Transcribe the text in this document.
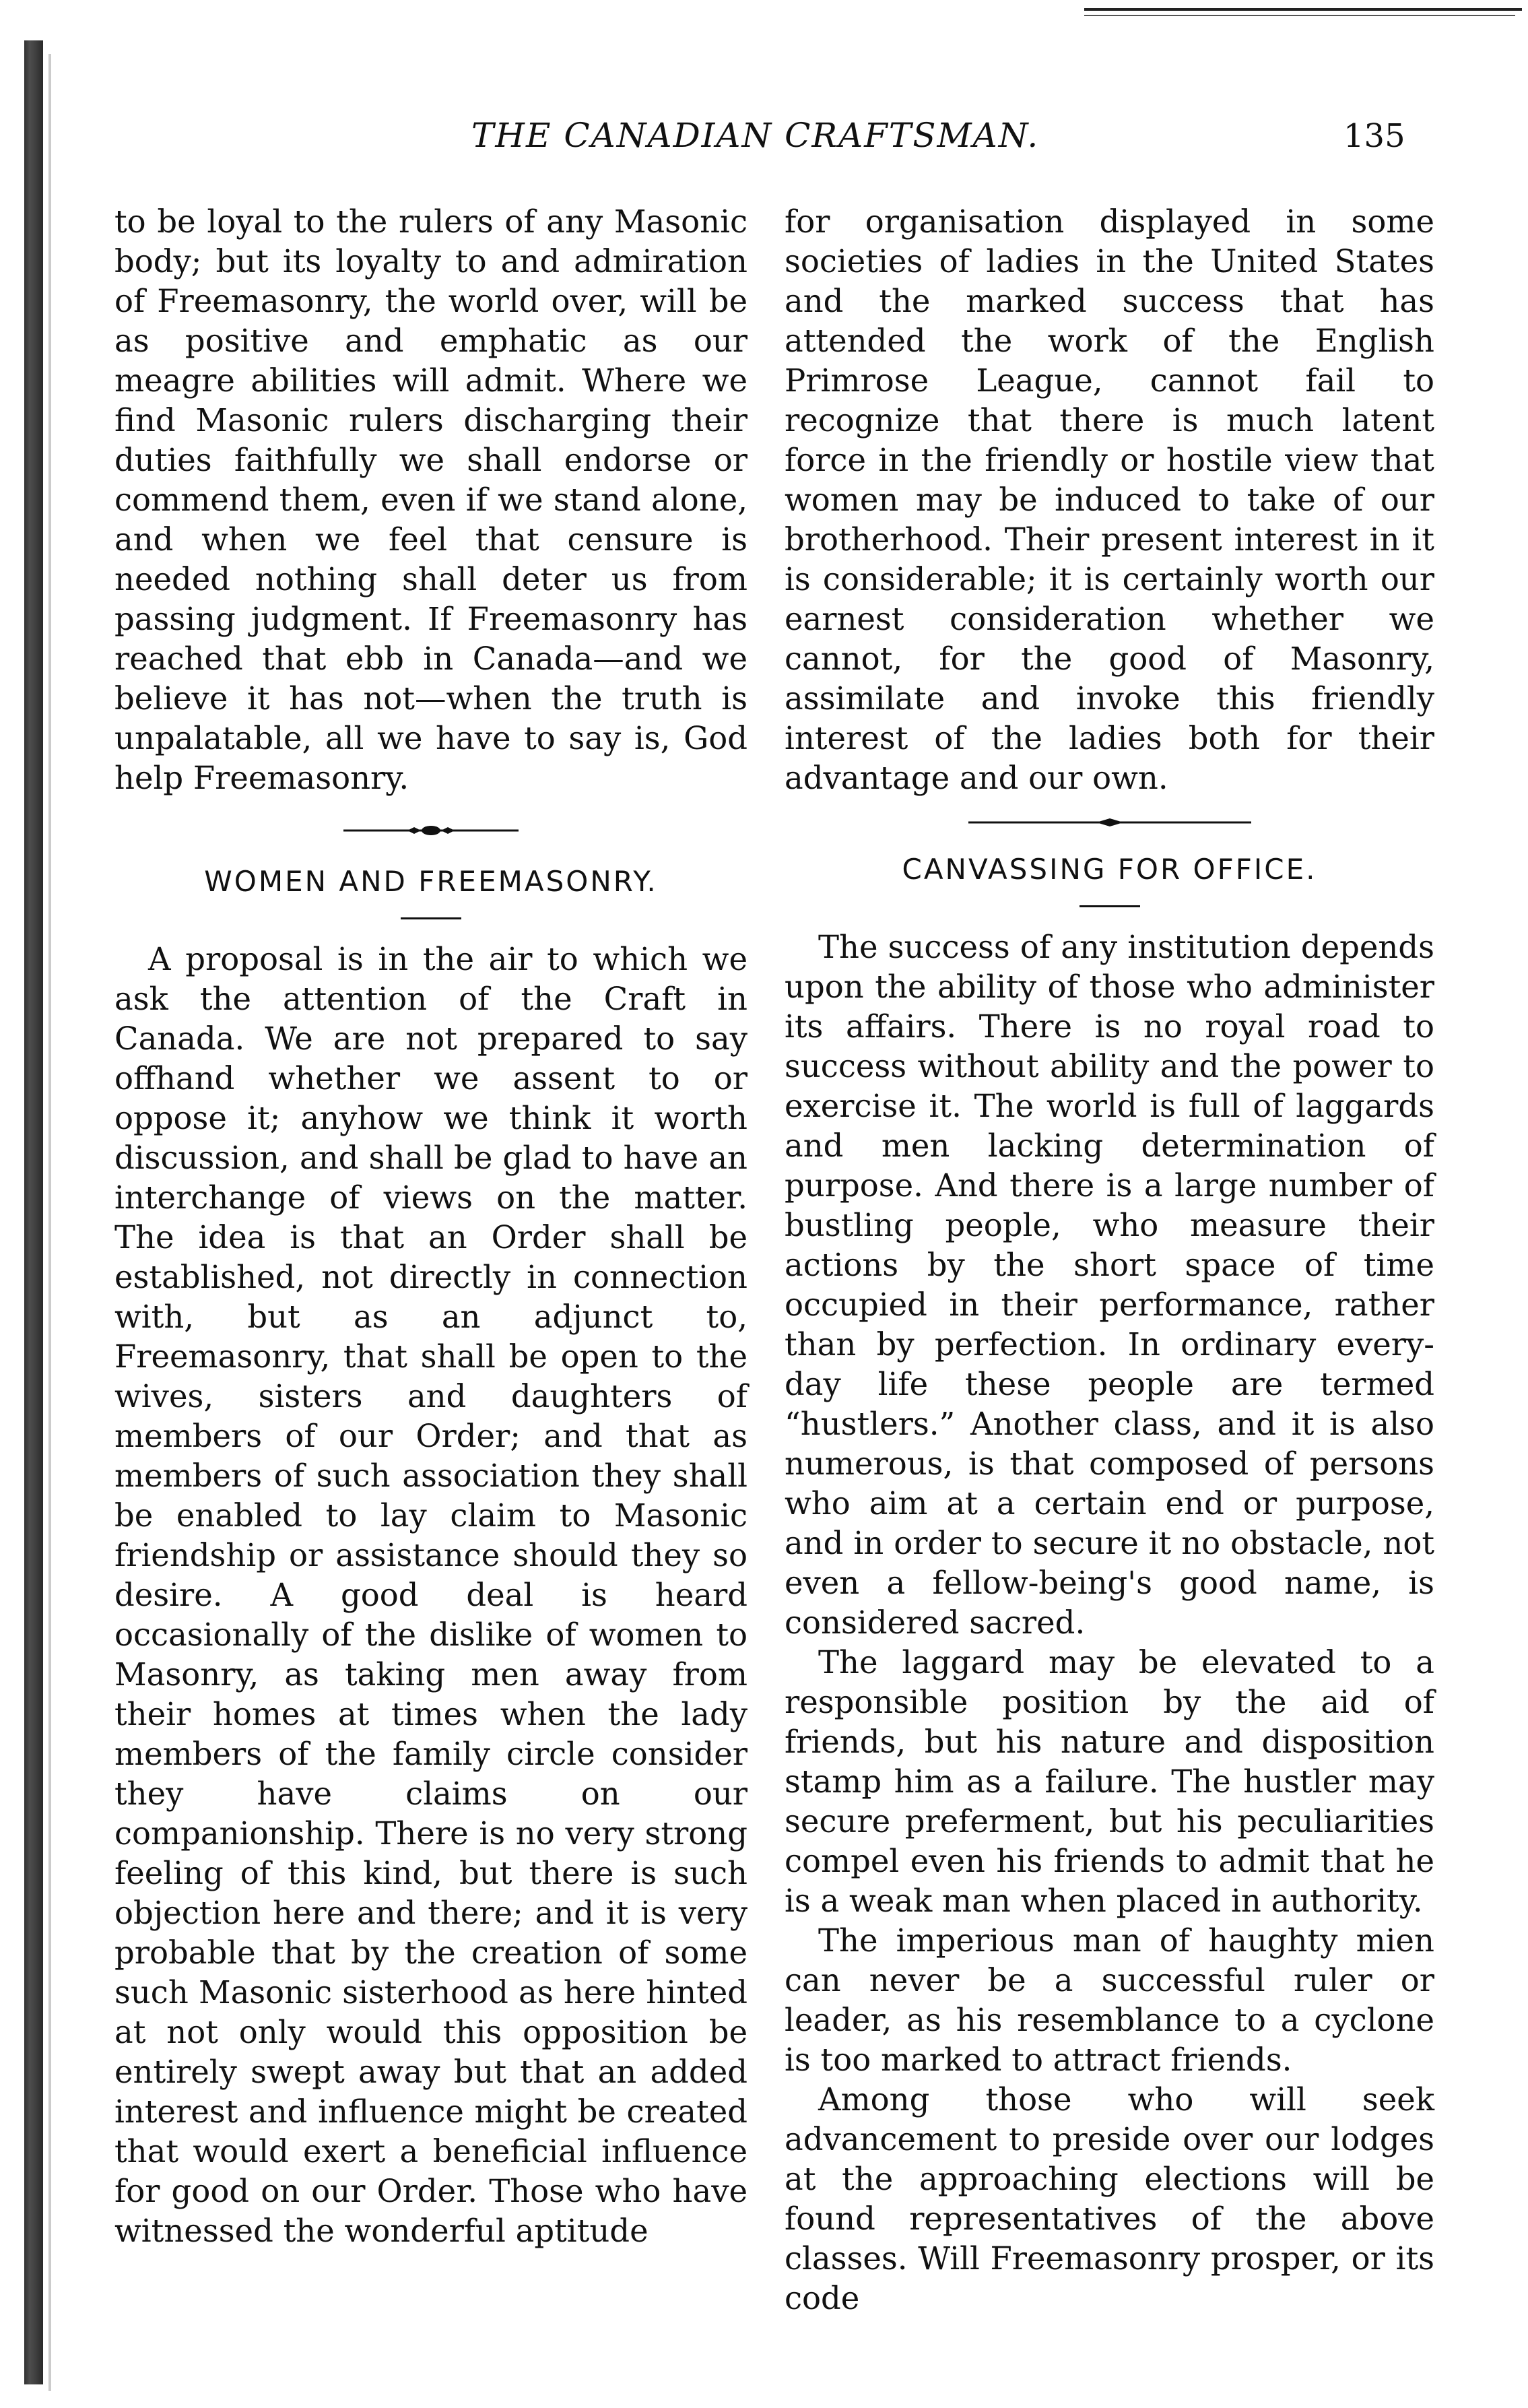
THE CANADIAN CRAFTSMAN.	135

to be loyal to the rulers of any Masonic body; but its loyalty to and admiration of Freemasonry, the world over, will be as positive and emphatic as our meagre abilities will admit. Where we find Masonic rulers discharging their duties faithfully we shall endorse or commend them, even if we stand alone, and when we feel that censure is needed nothing shall deter us from passing judgment. If Freemasonry has reached that ebb in Canada—and we believe it has not—when the truth is unpalatable, all we have to say is, God help Freemasonry.

WOMEN AND FREEMASONRY.

A proposal is in the air to which we ask the attention of the Craft in Canada. We are not prepared to say offhand whether we assent to or oppose it; anyhow we think it worth discussion, and shall be glad to have an interchange of views on the matter. The idea is that an Order shall be established, not directly in connection with, but as an adjunct to, Freemasonry, that shall be open to the wives, sisters and daughters of members of our Order; and that as members of such association they shall be enabled to lay claim to Masonic friendship or assistance should they so desire. A good deal is heard occasionally of the dislike of women to Masonry, as taking men away from their homes at times when the lady members of the family circle consider they have claims on our companionship. There is no very strong feeling of this kind, but there is such objection here and there; and it is very probable that by the creation of some such Masonic sisterhood as here hinted at not only would this opposition be entirely swept away but that an added interest and influence might be created that would exert a beneficial influence for good on our Order. Those who have witnessed the wonderful aptitude

for organisation displayed in some societies of ladies in the United States and the marked success that has attended the work of the English Primrose League, cannot fail to recognize that there is much latent force in the friendly or hostile view that women may be induced to take of our brotherhood. Their present interest in it is considerable; it is certainly worth our earnest consideration whether we cannot, for the good of Masonry, assimilate and invoke this friendly interest of the ladies both for their advantage and our own.

CANVASSING FOR OFFICE.

The success of any institution depends upon the ability of those who administer its affairs. There is no royal road to success without ability and the power to exercise it. The world is full of laggards and men lacking determination of purpose. And there is a large number of bustling people, who measure their actions by the short space of time occupied in their performance, rather than by perfection. In ordinary every-day life these people are termed “hustlers.” Another class, and it is also numerous, is that composed of persons who aim at a certain end or purpose, and in order to secure it no obstacle, not even a fellow-being's good name, is considered sacred.

The laggard may be elevated to a responsible position by the aid of friends, but his nature and disposition stamp him as a failure. The hustler may secure preferment, but his peculiarities compel even his friends to admit that he is a weak man when placed in authority.

The imperious man of haughty mien can never be a successful ruler or leader, as his resemblance to a cyclone is too marked to attract friends.

Among those who will seek advancement to preside over our lodges at the approaching elections will be found representatives of the above classes. Will Freemasonry prosper, or its code
